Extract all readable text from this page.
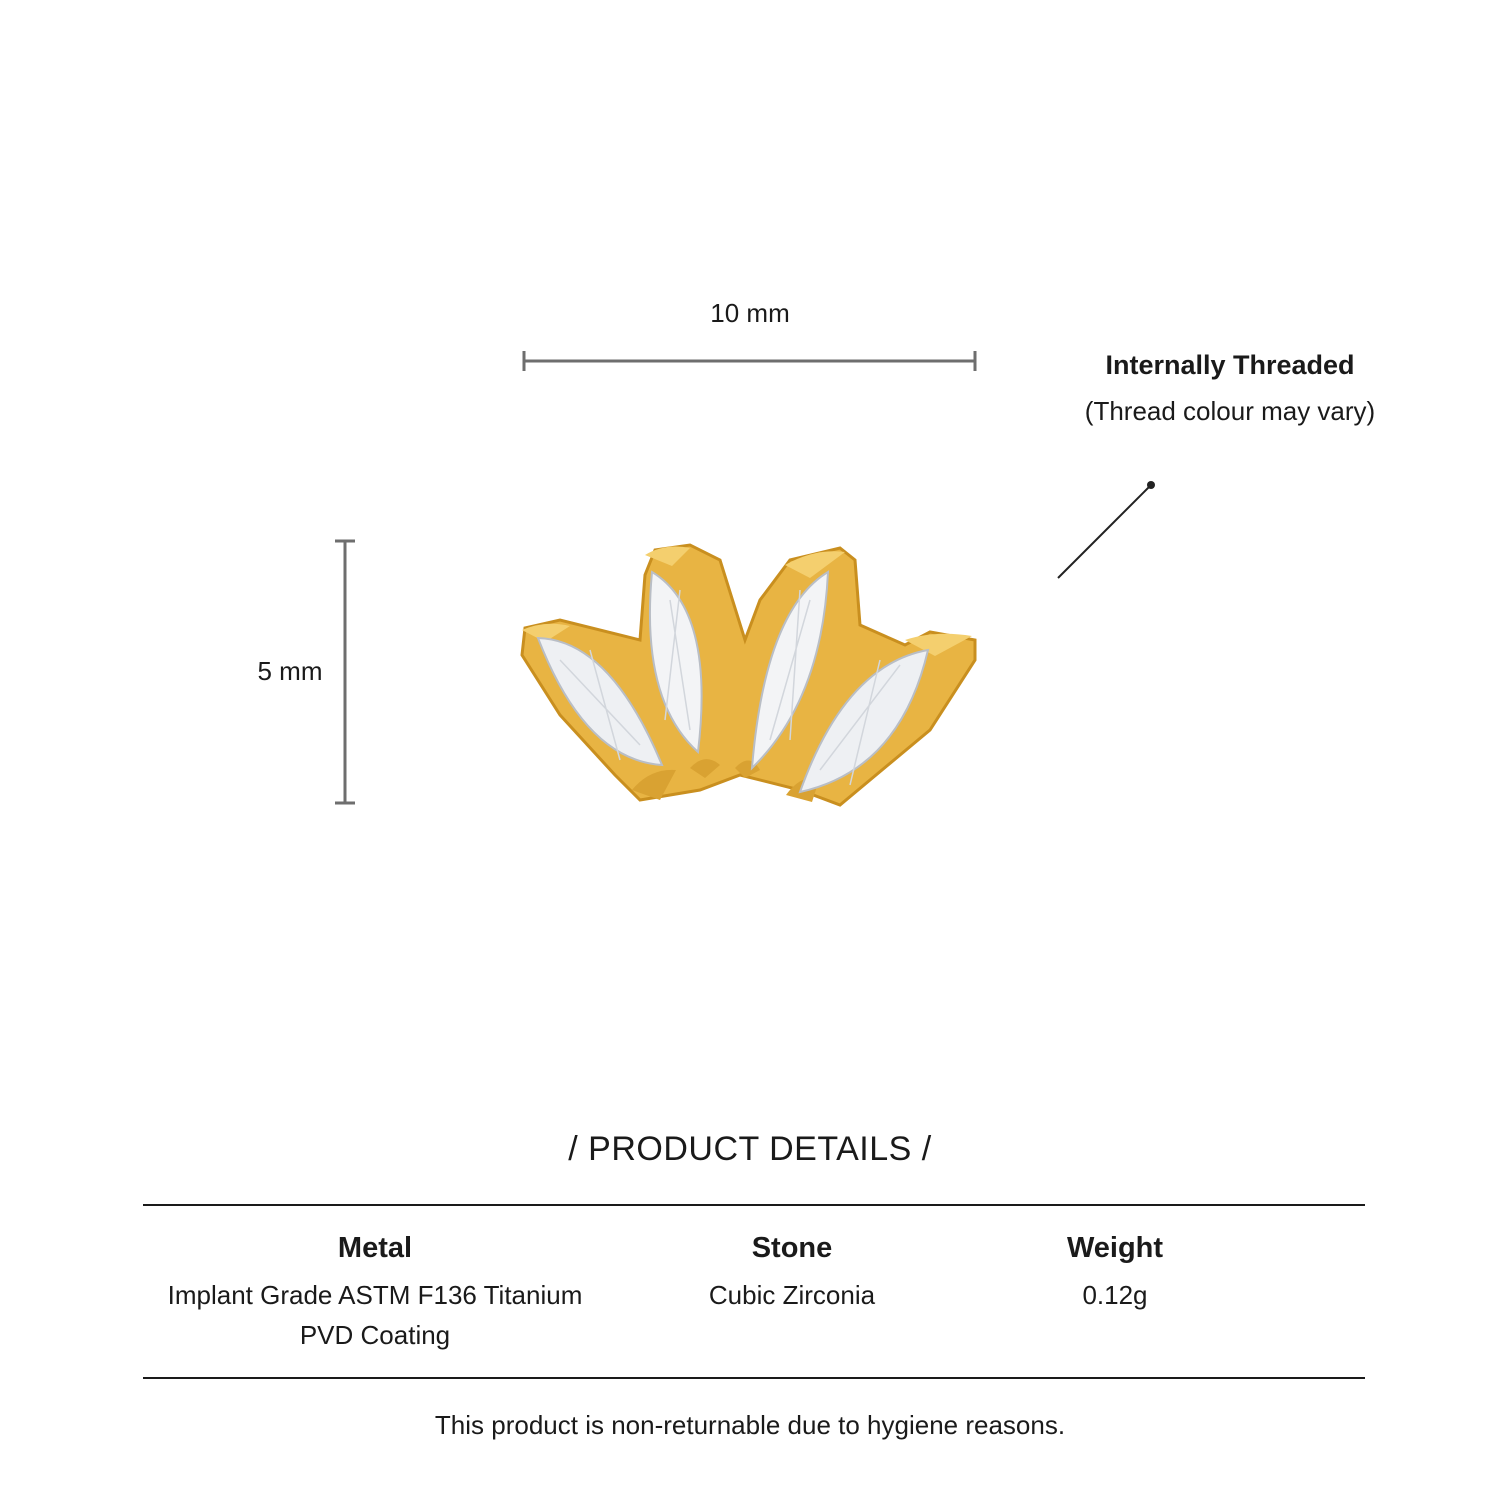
10 mm
5 mm
Internally Threaded
(Thread colour may vary)
/ PRODUCT DETAILS /
Metal
Implant Grade ASTM F136 Titanium
PVD Coating
Stone
Cubic Zirconia
Weight
0.12g
This product is non-returnable due to hygiene reasons.
